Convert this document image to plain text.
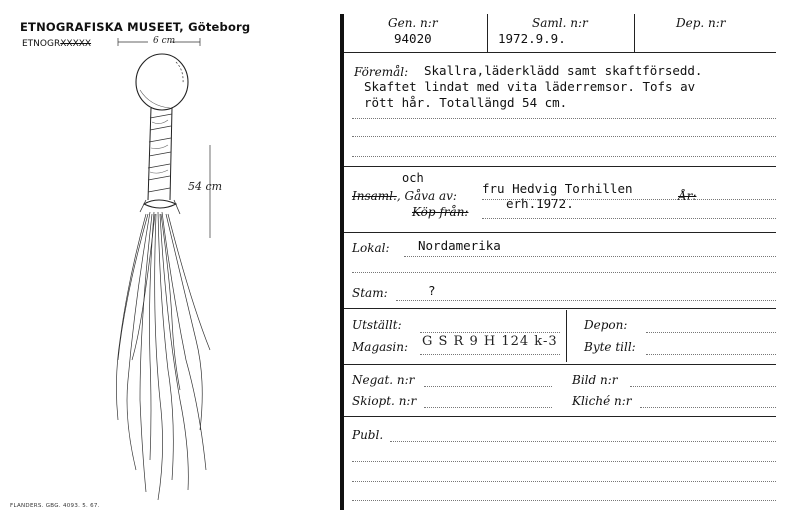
ETNOGRAFISKA MUSEET, Göteborg
ETNOGRXXXXX	6 cm
54 cm
FLANDERS. GBG. 4093. 5. 67.
Gen. n:r
94020
Saml. n:r
1972.9.9.
Dep. n:r
Föremål: Skallra,läderklädd samt skaftförsedd.
Skaftet lindat med vita läderremsor. Tofs av
rött hår. Totallängd 54 cm.
och
Insaml., Gåva av:
Köp från:
fru Hedvig Torhillen
erh.1972.	År:
Lokal: Nordamerika
Stam:	?
Utställt:
Magasin: G S R 9 H 124 k-3
Depon:
Byte till:
Negat. n:r
Skiopt. n:r
Bild n:r
Kliché n:r
Publ.
